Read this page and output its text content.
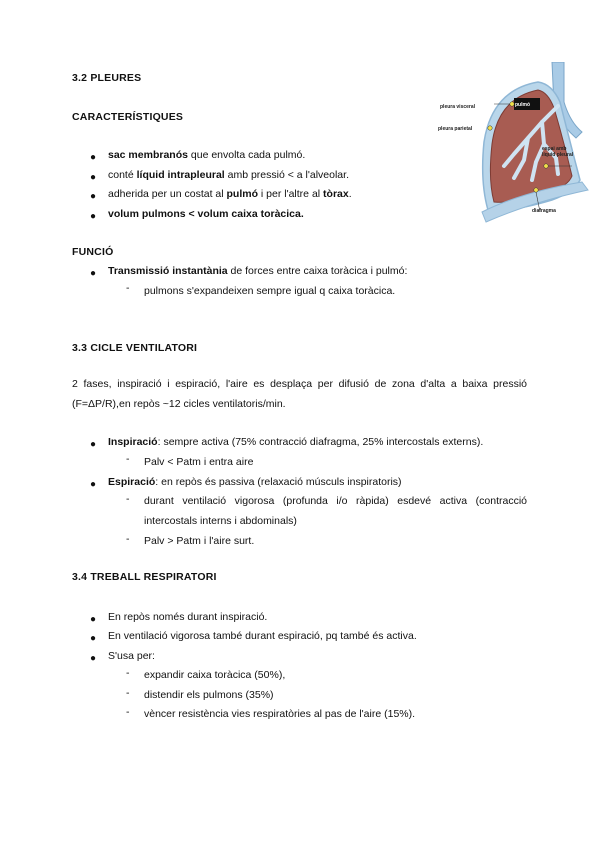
3.2 PLEURES
CARACTERÍSTIQUES
● sac membranós que envolta cada pulmó.
● conté líquid intrapleural amb pressió < a l'alveolar.
● adherida per un costat al pulmó i per l'altre al tòrax.
● volum pulmons < volum caixa toràcica.
FUNCIÓ
● Transmissió instantània de forces entre caixa toràcica i pulmó:
- pulmons s'expandeixen sempre igual q caixa toràcica.
pulmó
pleura visceral
pleura parietal
espai amb
líquid pleural
diafragma
3.3 CICLE VENTILATORI
2 fases, inspiració i espiració, l'aire es desplaça per difusió de zona d'alta a baixa pressió
(F=ΔP/R),en repòs ~12 cicles ventilatoris/min.
● Inspiració: sempre activa (75% contracció diafragma, 25% intercostals externs).
- Palv < Patm i entra aire
● Espiració: en repòs és passiva (relaxació músculs inspiratoris)
- durant ventilació vigorosa (profunda i/o ràpida) esdevé activa (contracció
intercostals interns i abdominals)
- Palv > Patm i l'aire surt.
3.4 TREBALL RESPIRATORI
● En repòs només durant inspiració.
● En ventilació vigorosa també durant espiració, pq també és activa.
● S'usa per:
- expandir caixa toràcica (50%),
- distendir els pulmons (35%)
- vèncer resistència vies respiratòries al pas de l'aire (15%).
